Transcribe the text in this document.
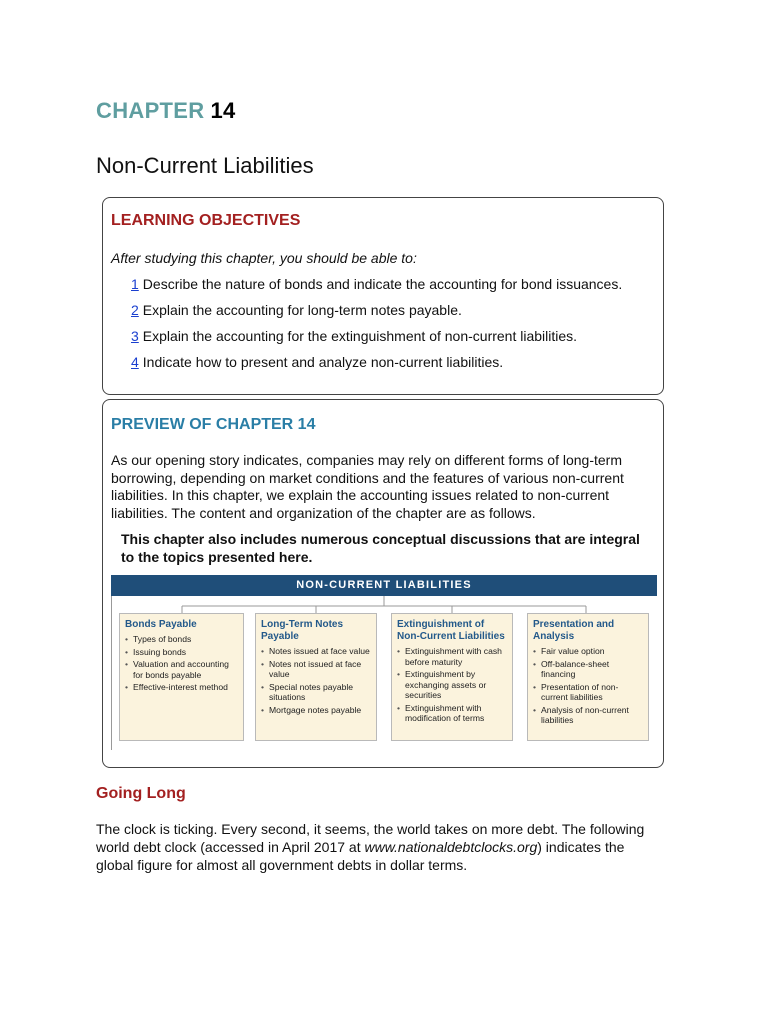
CHAPTER 14
Non-Current Liabilities
LEARNING OBJECTIVES
After studying this chapter, you should be able to:
1 Describe the nature of bonds and indicate the accounting for bond issuances.
2 Explain the accounting for long-term notes payable.
3 Explain the accounting for the extinguishment of non-current liabilities.
4 Indicate how to present and analyze non-current liabilities.
PREVIEW OF CHAPTER 14

As our opening story indicates, companies may rely on different forms of long-term borrowing, depending on market conditions and the features of various non-current liabilities. In this chapter, we explain the accounting issues related to non-current liabilities. The content and organization of the chapter are as follows.

This chapter also includes numerous conceptual discussions that are integral to the topics presented here.

NON-CURRENT LIABILITIES
Bonds Payable
• Types of bonds
• Issuing bonds
• Valuation and accounting for bonds payable
• Effective-interest method
Long-Term Notes Payable
• Notes issued at face value
• Notes not issued at face value
• Special notes payable situations
• Mortgage notes payable
Extinguishment of Non-Current Liabilities
• Extinguishment with cash before maturity
• Extinguishment by exchanging assets or securities
• Extinguishment with modification of terms
Presentation and Analysis
• Fair value option
• Off-balance-sheet financing
• Presentation of non-current liabilities
• Analysis of non-current liabilities
Going Long

The clock is ticking. Every second, it seems, the world takes on more debt. The following world debt clock (accessed in April 2017 at www.nationaldebtclocks.org) indicates the global figure for almost all government debts in dollar terms.
